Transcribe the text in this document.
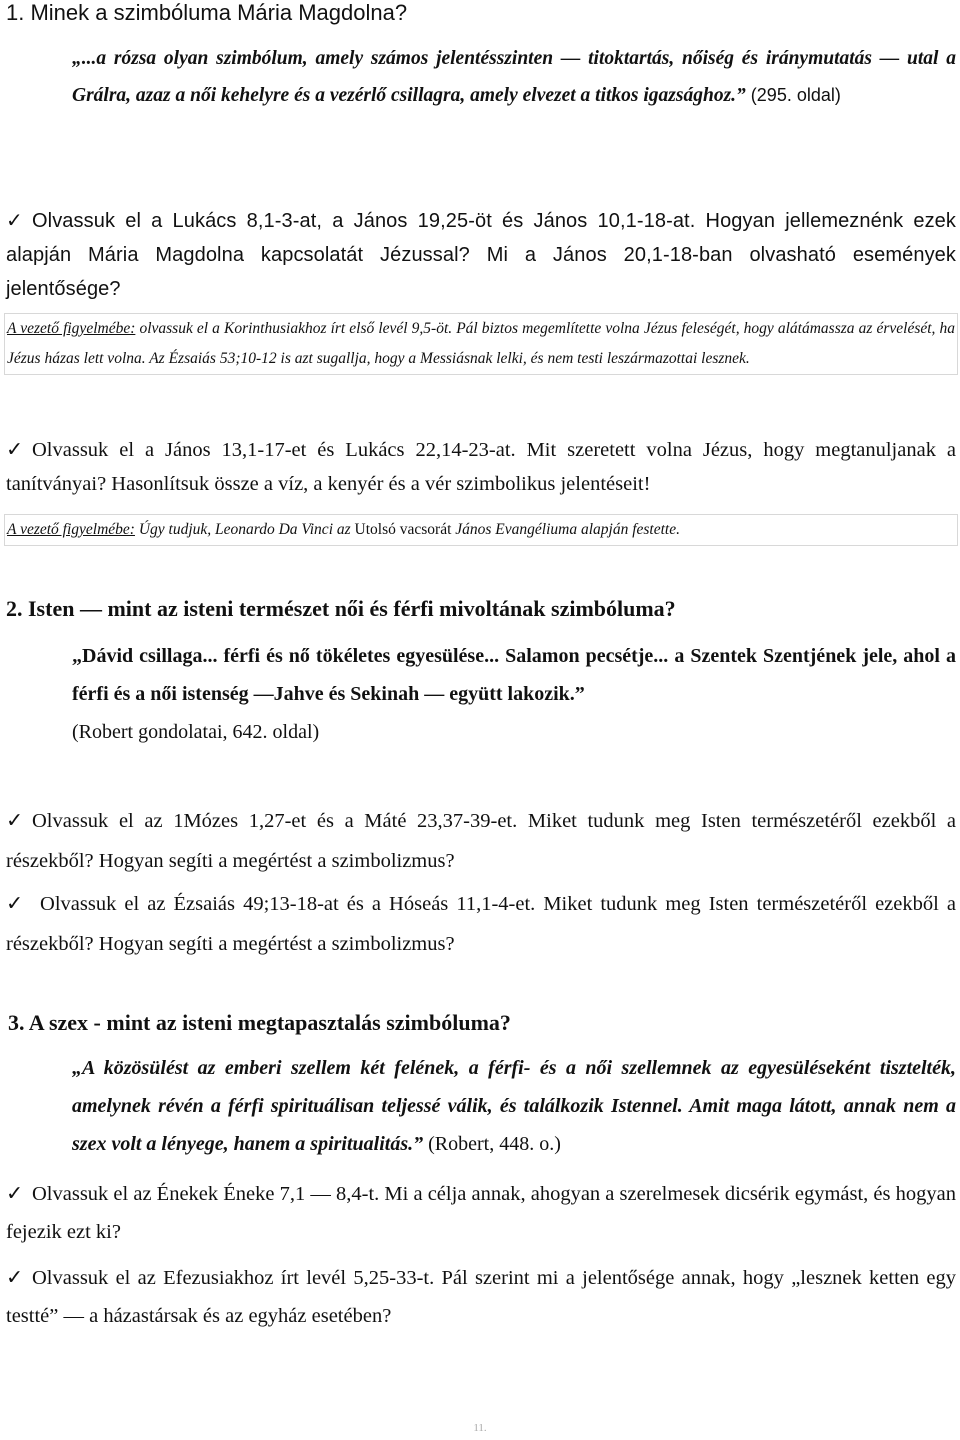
1. Minek a szimbóluma Mária Magdolna?
„...a rózsa olyan szimbólum, amely számos jelentésszinten — titoktartás, nőiség és iránymutatás — utal a Grálra, azaz a női kehelyre és a vezérlő csillagra, amely elvezet a titkos igazsághoz.” (295. oldal)
✓ Olvassuk el a Lukács 8,1-3-at, a János 19,25-öt és János 10,1-18-at. Hogyan jellemeznénk ezek alapján Mária Magdolna kapcsolatát Jézussal? Mi a János 20,1-18-ban olvasható események jelentősége?
A vezető figyelmébe: olvassuk el a Korinthusiakhoz írt első levél 9,5-öt. Pál biztos megemlítette volna Jézus feleségét, hogy alátámassza az érvelését, ha Jézus házas lett volna. Az Ézsaiás 53;10-12 is azt sugallja, hogy a Messiásnak lelki, és nem testi leszármazottai lesznek.
✓ Olvassuk el a János 13,1-17-et és Lukács 22,14-23-at. Mit szeretett volna Jézus, hogy megtanuljanak a tanítványai? Hasonlítsuk össze a víz, a kenyér és a vér szimbolikus jelentéseit!
A vezető figyelmébe: Úgy tudjuk, Leonardo Da Vinci az Utolsó vacsorát János Evangéliuma alapján festette.
2. Isten — mint az isteni természet női és férfi mivoltának szimbóluma?
„Dávid csillaga... férfi és nő tökéletes egyesülése... Salamon pecsétje... a Szentek Szentjének jele, ahol a férfi és a női istenség —Jahve és Sekinah — együtt lakozik.”
(Robert gondolatai, 642. oldal)
✓ Olvassuk el az 1Mózes 1,27-et és a Máté 23,37-39-et. Miket tudunk meg Isten természetéről ezekből a részekből? Hogyan segíti a megértést a szimbolizmus?
✓ Olvassuk el az Ézsaiás 49;13-18-at és a Hóseás 11,1-4-et. Miket tudunk meg Isten természetéről ezekből a részekből? Hogyan segíti a megértést a szimbolizmus?
3. A szex - mint az isteni megtapasztalás szimbóluma?
„A közösülést az emberi szellem két felének, a férfi- és a női szellemnek az egyesüléseként tisztelték, amelynek révén a férfi spirituálisan teljessé válik, és találkozik Istennel. Amit maga látott, annak nem a szex volt a lényege, hanem a spiritualitás.” (Robert, 448. o.)
✓ Olvassuk el az Énekek Éneke 7,1 — 8,4-t. Mi a célja annak, ahogyan a szerelmesek dicsérik egymást, és hogyan fejezik ezt ki?
✓ Olvassuk el az Efezusiakhoz írt levél 5,25-33-t. Pál szerint mi a jelentősége annak, hogy „lesznek ketten egy testté” — a házastársak és az egyház esetében?
11.
